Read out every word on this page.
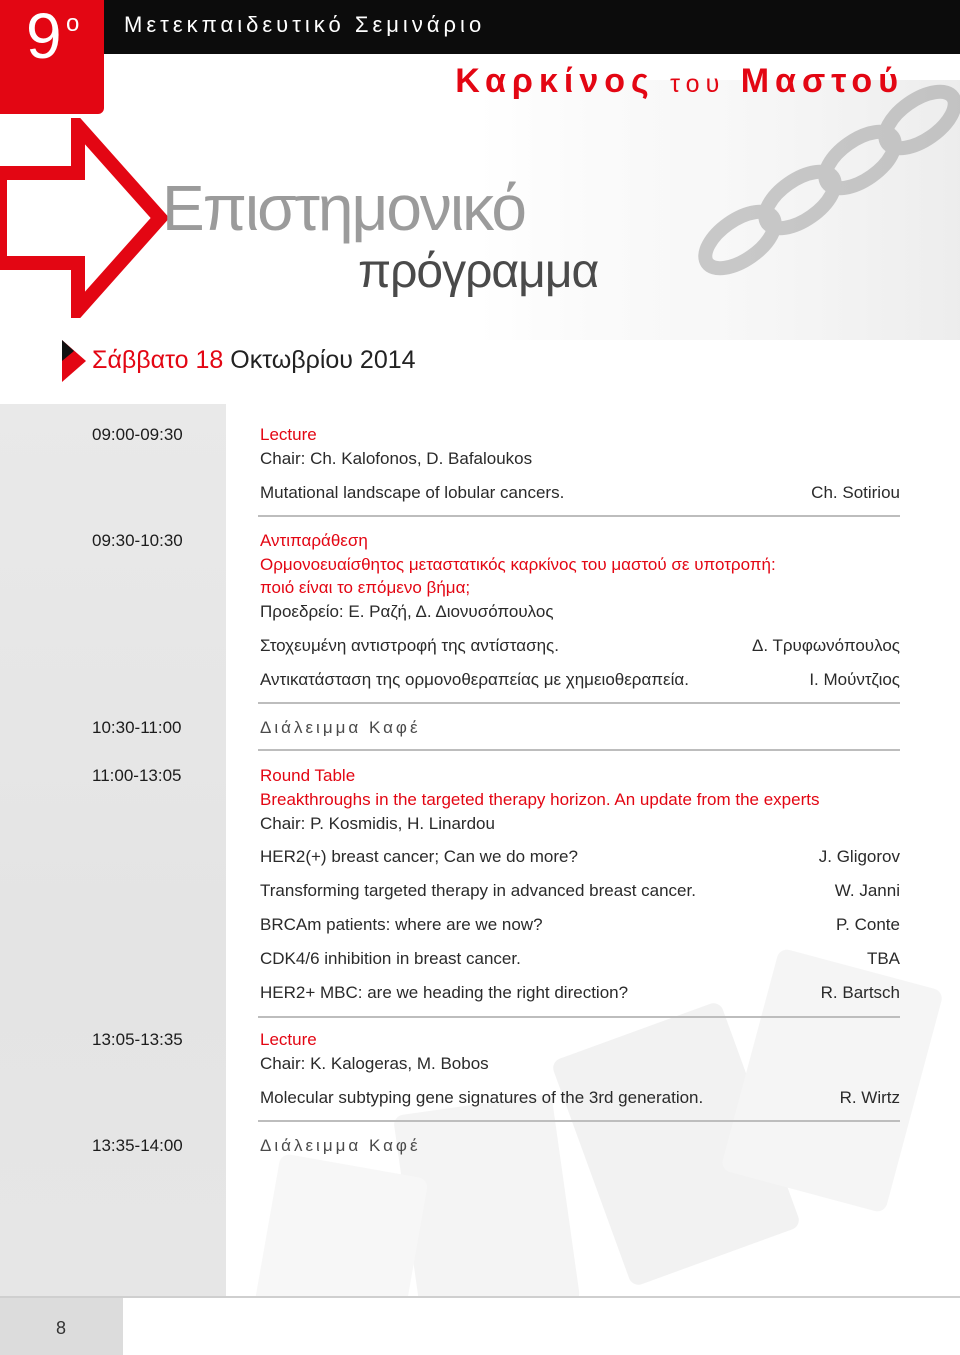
9 o Μετεκπαιδευτικό Σεμινάριο
Καρκίνος του Μαστού
Επιστημονικό
πρόγραμμα
Σάββατο 18 Οκτωβρίου 2014
09:00-09:30	Lecture
Chair: Ch. Kalofonos, D. Bafaloukos
Mutational landscape of lobular cancers.	Ch. Sotiriou
09:30-10:30	Αντιπαράθεση
Ορμονοευαίσθητος μεταστατικός καρκίνος του μαστού σε υποτροπή:
ποιό είναι το επόμενο βήμα;
Προεδρείο: Ε. Ραζή, Δ. Διονυσόπουλος
Στοχευμένη αντιστροφή της αντίστασης.	Δ. Τρυφωνόπουλος
Αντικατάσταση της ορμονοθεραπείας με χημειοθεραπεία.	Ι. Μούντζιος
10:30-11:00	Διάλειμμα Καφέ
11:00-13:05	Round Table
Breakthroughs in the targeted therapy horizon. An update from the experts
Chair: P. Kosmidis, H. Linardou
HER2(+) breast cancer; Can we do more?	J. Gligorov
Transforming targeted therapy in advanced breast cancer.	W. Janni
BRCAm patients: where are we now?	P. Conte
CDK4/6 inhibition in breast cancer.	TBA
HER2+ MBC: are we heading the right direction?	R. Bartsch
13:05-13:35	Lecture
Chair: K. Kalogeras, M. Bobos
Molecular subtyping gene signatures of the 3rd generation.	R. Wirtz
13:35-14:00	Διάλειμμα Καφέ
8
